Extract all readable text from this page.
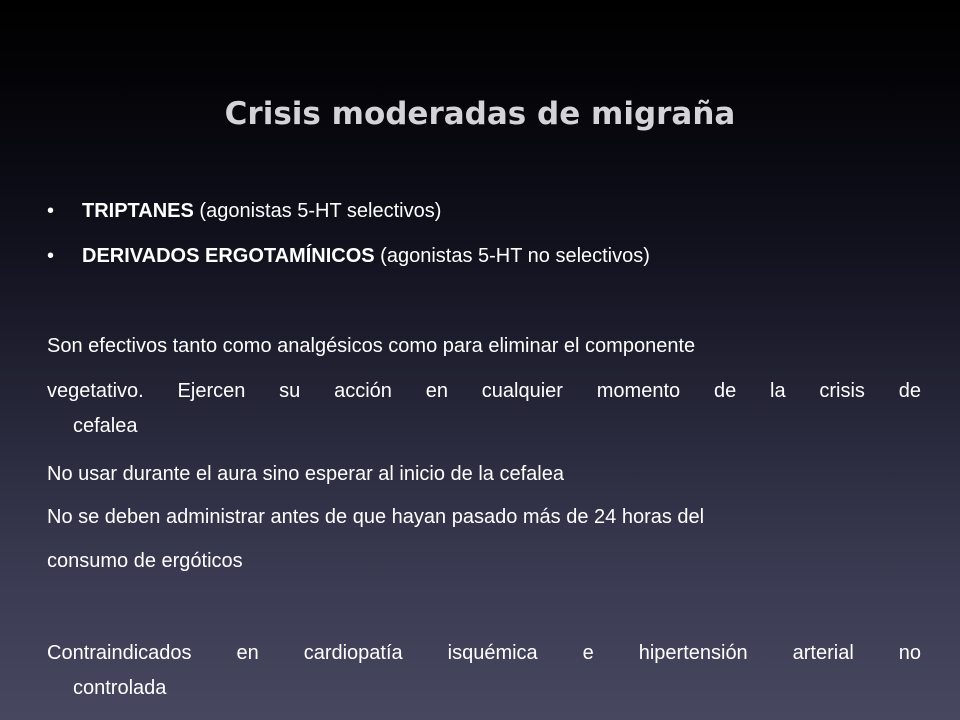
Crisis moderadas de migraña
• TRIPTANES (agonistas 5-HT selectivos)
• DERIVADOS ERGOTAMÍNICOS (agonistas 5-HT no selectivos)
Son efectivos tanto como analgésicos como para eliminar el componente
vegetativo. Ejercen su acción en cualquier momento de la crisis de
cefalea
No usar durante el aura sino esperar al inicio de la cefalea
No se deben administrar antes de que hayan pasado más de 24 horas del
consumo de ergóticos
Contraindicados en cardiopatía isquémica e hipertensión arterial no
controlada
